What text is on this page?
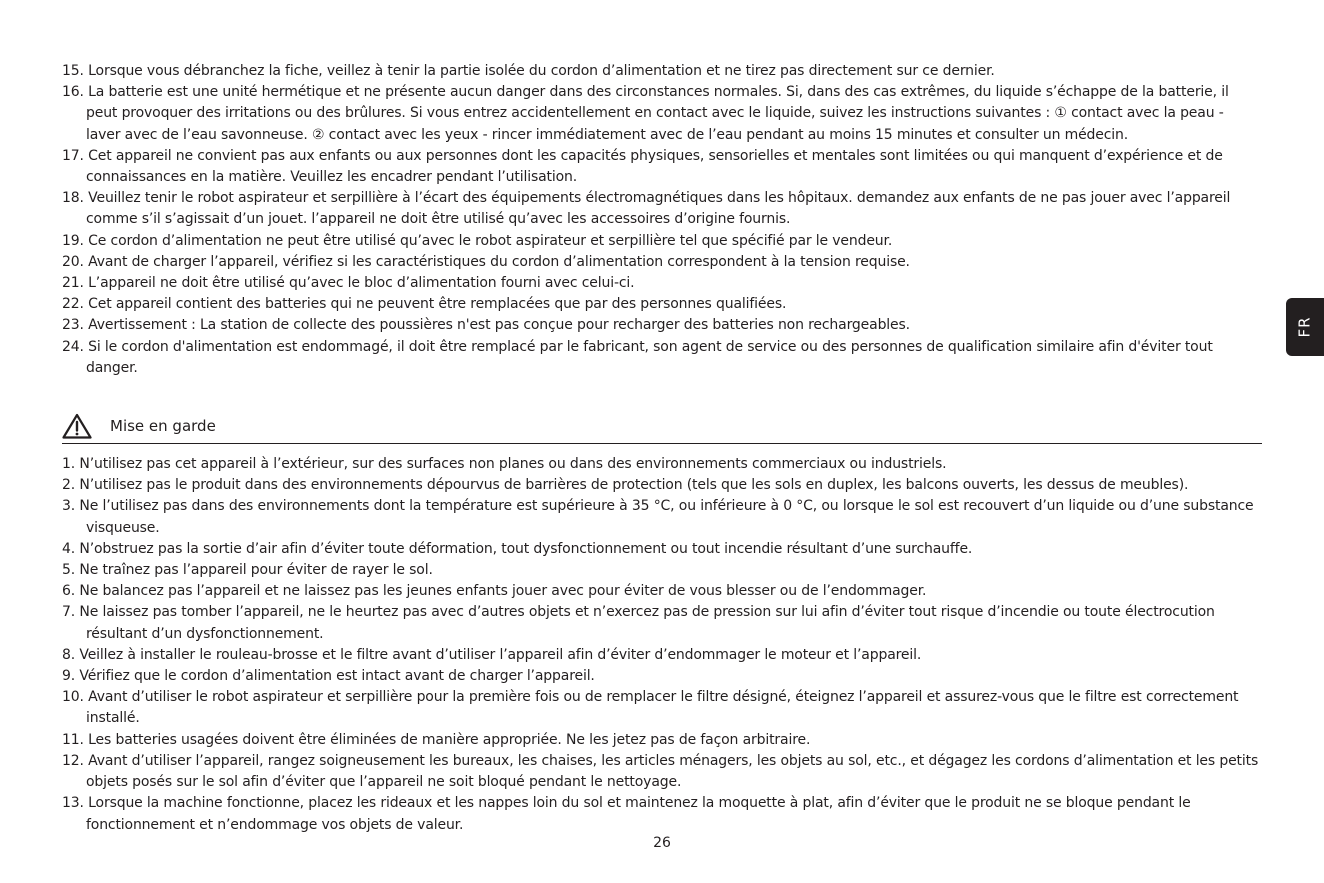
15. Lorsque vous débranchez la fiche, veillez à tenir la partie isolée du cordon d’alimentation et ne tirez pas directement sur ce dernier.
16. La batterie est une unité hermétique et ne présente aucun danger dans des circonstances normales. Si, dans des cas extrêmes, du liquide s’échappe de la batterie, il peut provoquer des irritations ou des brûlures. Si vous entrez accidentellement en contact avec le liquide, suivez les instructions suivantes : ① contact avec la peau - laver avec de l’eau savonneuse. ② contact avec les yeux - rincer immédiatement avec de l’eau pendant au moins 15 minutes et consulter un médecin.
17. Cet appareil ne convient pas aux enfants ou aux personnes dont les capacités physiques, sensorielles et mentales sont limitées ou qui manquent d’expérience et de connaissances en la matière. Veuillez les encadrer pendant l’utilisation.
18. Veuillez tenir le robot aspirateur et serpillière à l’écart des équipements électromagnétiques dans les hôpitaux. demandez aux enfants de ne pas jouer avec l’appareil comme s’il s’agissait d’un jouet. l’appareil ne doit être utilisé qu’avec les accessoires d’origine fournis.
19. Ce cordon d’alimentation ne peut être utilisé qu’avec le robot aspirateur et serpillière tel que spécifié par le vendeur.
20. Avant de charger l’appareil, vérifiez si les caractéristiques du cordon d’alimentation correspondent à la tension requise.
21. L’appareil ne doit être utilisé qu’avec le bloc d’alimentation fourni avec celui-ci.
22. Cet appareil contient des batteries qui ne peuvent être remplacées que par des personnes qualifiées.
23. Avertissement : La station de collecte des poussières n'est pas conçue pour recharger des batteries non rechargeables.
24. Si le cordon d'alimentation est endommagé, il doit être remplacé par le fabricant, son agent de service ou des personnes de qualification similaire afin d'éviter tout danger.
Mise en garde
1. N’utilisez pas cet appareil à l’extérieur, sur des surfaces non planes ou dans des environnements commerciaux ou industriels.
2. N’utilisez pas le produit dans des environnements dépourvus de barrières de protection (tels que les sols en duplex, les balcons ouverts, les dessus de meubles).
3. Ne l’utilisez pas dans des environnements dont la température est supérieure à 35 °C, ou inférieure à 0 °C, ou lorsque le sol est recouvert d’un liquide ou d’une substance visqueuse.
4. N’obstruez pas la sortie d’air afin d’éviter toute déformation, tout dysfonctionnement ou tout incendie résultant d’une surchauffe.
5. Ne traînez pas l’appareil pour éviter de rayer le sol.
6. Ne balancez pas l’appareil et ne laissez pas les jeunes enfants jouer avec pour éviter de vous blesser ou de l’endommager.
7. Ne laissez pas tomber l’appareil, ne le heurtez pas avec d’autres objets et n’exercez pas de pression sur lui afin d’éviter tout risque d’incendie ou toute électrocution résultant d’un dysfonctionnement.
8. Veillez à installer le rouleau-brosse et le filtre avant d’utiliser l’appareil afin d’éviter d’endommager le moteur et l’appareil.
9. Vérifiez que le cordon d’alimentation est intact avant de charger l’appareil.
10. Avant d’utiliser le robot aspirateur et serpillière pour la première fois ou de remplacer le filtre désigné, éteignez l’appareil et assurez-vous que le filtre est correctement installé.
11. Les batteries usagées doivent être éliminées de manière appropriée. Ne les jetez pas de façon arbitraire.
12. Avant d’utiliser l’appareil, rangez soigneusement les bureaux, les chaises, les articles ménagers, les objets au sol, etc., et dégagez les cordons d’alimentation et les petits objets posés sur le sol afin d’éviter que l’appareil ne soit bloqué pendant le nettoyage.
13. Lorsque la machine fonctionne, placez les rideaux et les nappes loin du sol et maintenez la moquette à plat, afin d’éviter que le produit ne se bloque pendant le fonctionnement et n’endommage vos objets de valeur.
26
FR
